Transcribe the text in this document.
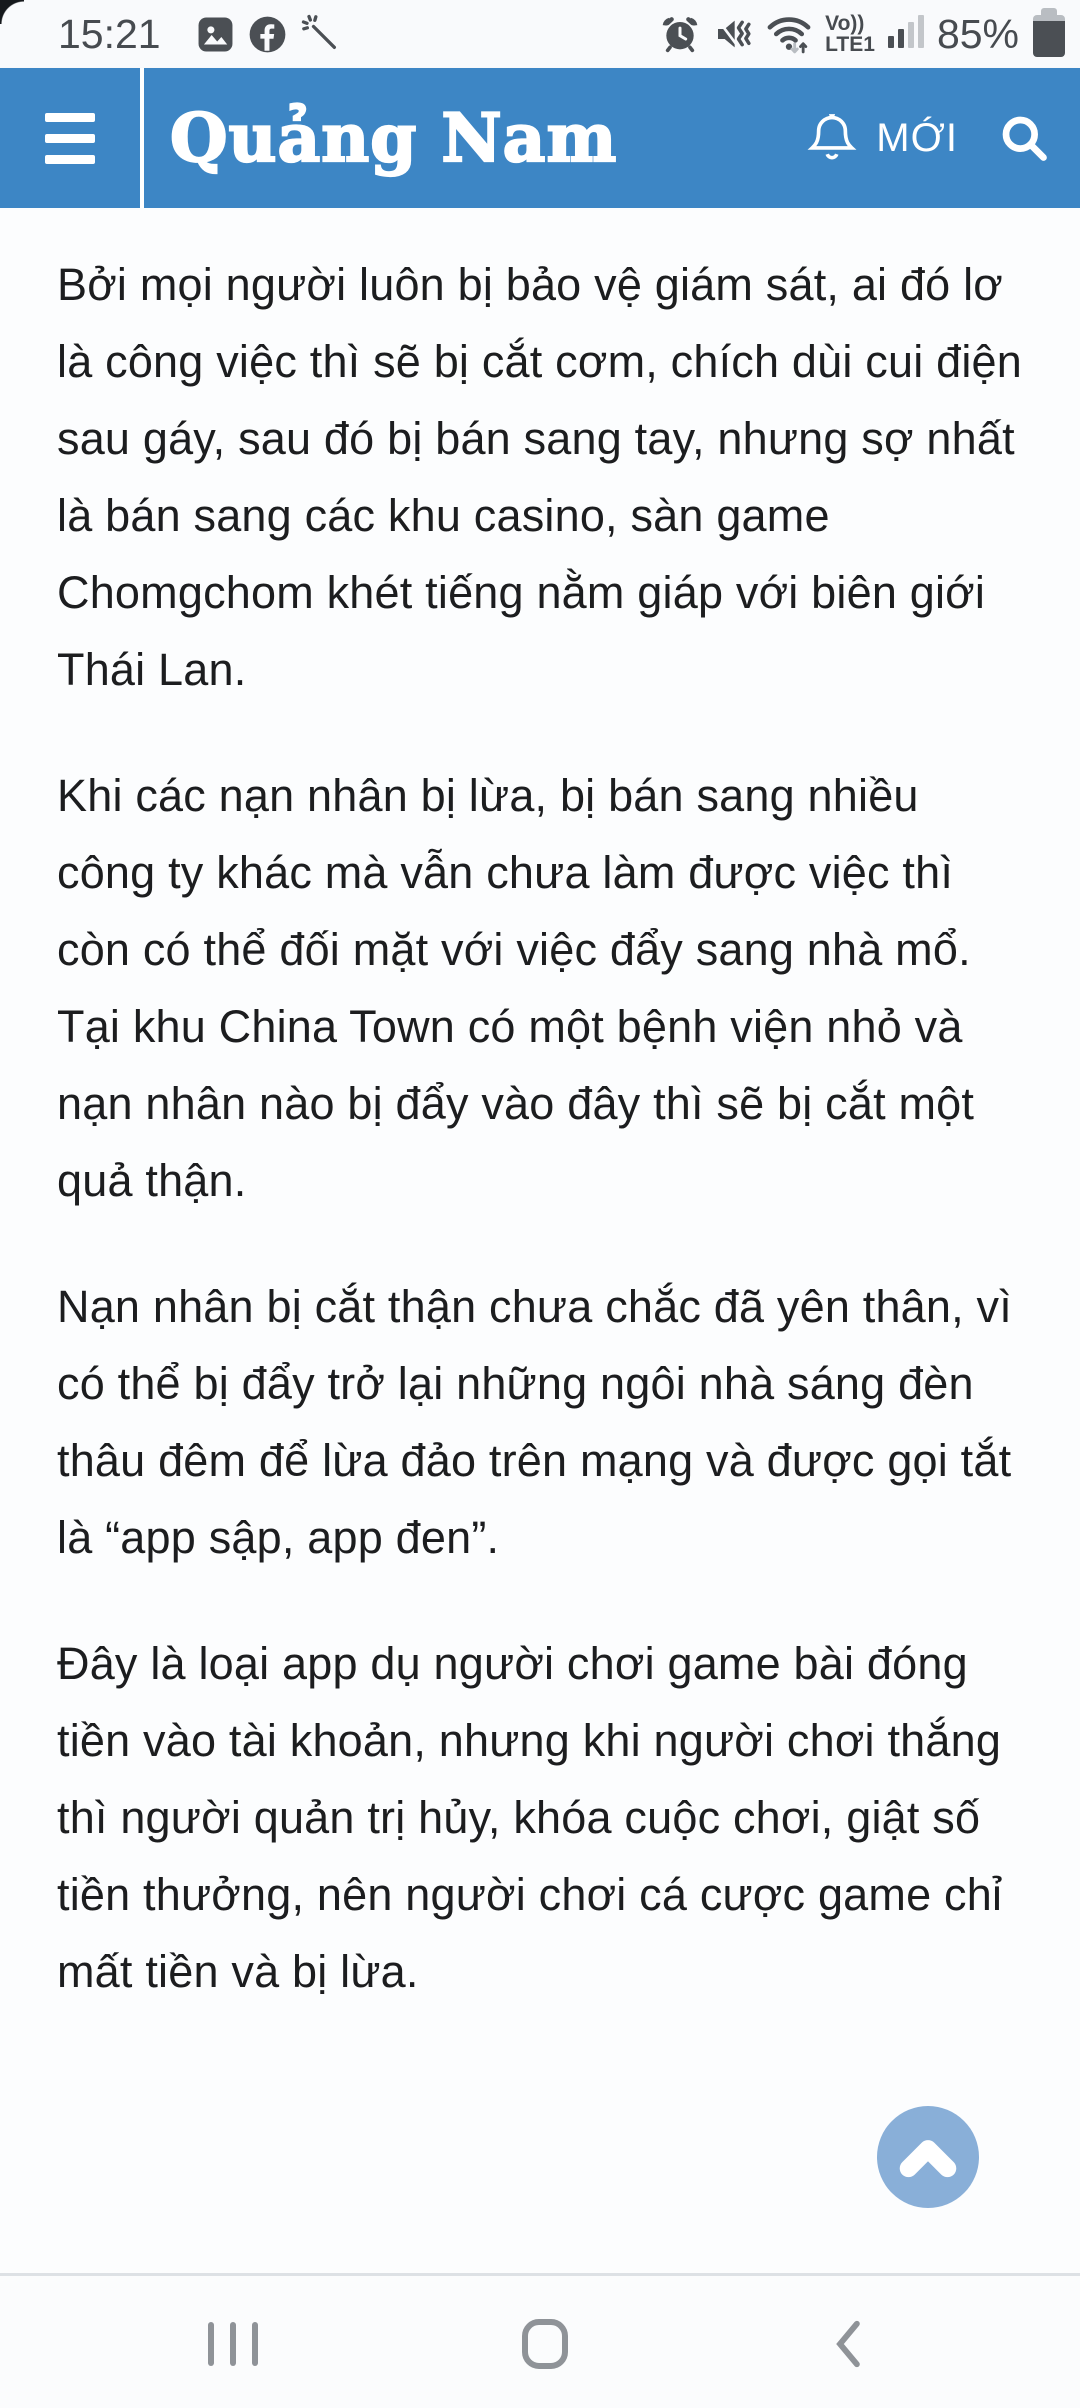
15:21	Vo))
LTE1 85%
Quảng Nam	MỚI

Bởi mọi người luôn bị bảo vệ giám sát, ai đó lơ là công việc thì sẽ bị cắt cơm, chích dùi cui điện sau gáy, sau đó bị bán sang tay, nhưng sợ nhất là bán sang các khu casino, sàn game Chomgchom khét tiếng nằm giáp với biên giới Thái Lan.

Khi các nạn nhân bị lừa, bị bán sang nhiều công ty khác mà vẫn chưa làm được việc thì còn có thể đối mặt với việc đẩy sang nhà mổ. Tại khu China Town có một bệnh viện nhỏ và nạn nhân nào bị đẩy vào đây thì sẽ bị cắt một quả thận.

Nạn nhân bị cắt thận chưa chắc đã yên thân, vì có thể bị đẩy trở lại những ngôi nhà sáng đèn thâu đêm để lừa đảo trên mạng và được gọi tắt là “app sập, app đen”.

Đây là loại app dụ người chơi game bài đóng tiền vào tài khoản, nhưng khi người chơi thắng thì người quản trị hủy, khóa cuộc chơi, giật số tiền thưởng, nên người chơi cá cược game chỉ mất tiền và bị lừa.
